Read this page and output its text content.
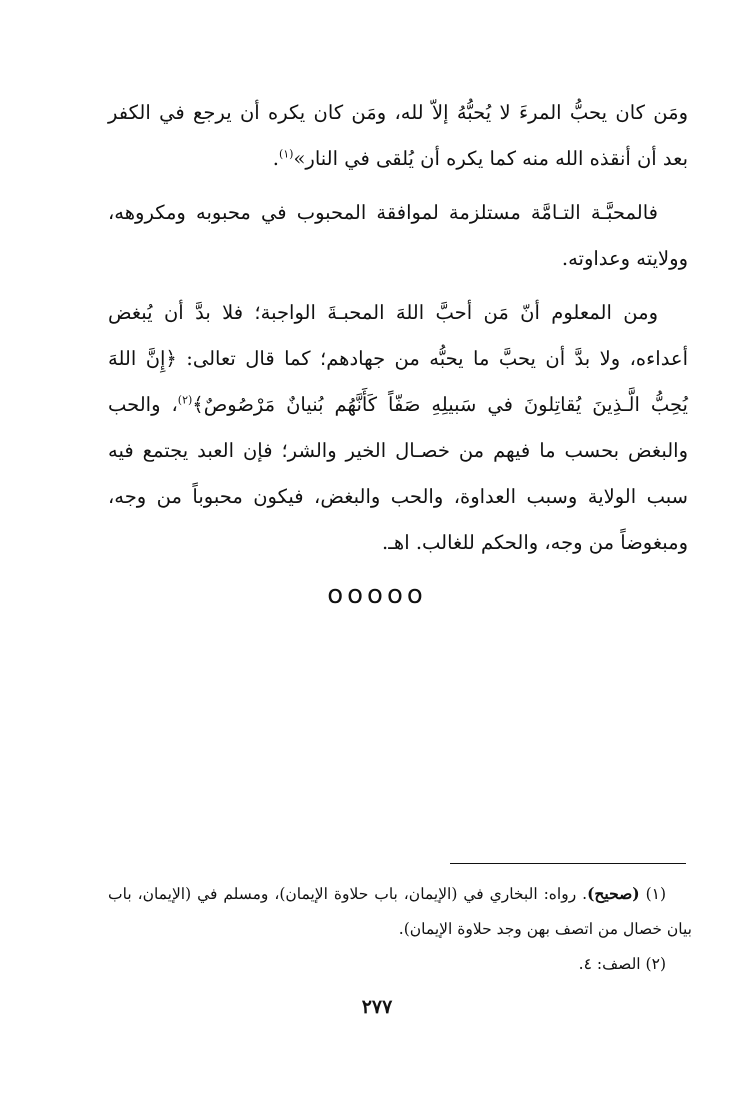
ومَن كان يحبُّ المرءَ لا يُحبُّهُ إلاّ لله، ومَن كان يكره أن يرجع في الكفر بعد أن أنقذه الله منه كما يكره أن يُلقى في النار»$^{(١)}$.

فالمحبَّـة التـامَّة مستلزمة لموافقة المحبوب في محبوبه ومكروهه، وولايته وعداوته.

ومن المعلوم أنّ مَن أحبَّ اللهَ المحبـةَ الواجبة؛ فلا بدَّ أن يُبغض أعداءه، ولا بدَّ أن يحبَّ ما يحبُّه من جهادهم؛ كما قال تعالى: ﴿إِنَّ اللهَ يُحِبُّ الَّـذِينَ يُقاتِلونَ في سَبيلِهِ صَفّاً كَأَنَّهُم بُنيانٌ مَرْصُوصٌ﴾$^{(٢)}$، والحب والبغض بحسب ما فيهم من خصـال الخير والشر؛ فإن العبد يجتمع فيه سبب الولاية وسبب العداوة، والحب والبغض، فيكون محبوباً من وجه، ومبغوضاً من وجه، والحكم للغالب. اهـ.

ooooo

(١) (صحيح). رواه: البخاري في (الإيمان، باب حلاوة الإيمان)، ومسلم في (الإيمان، باب بيان خصال من اتصف بهن وجد حلاوة الإيمان).

(٢) الصف: ٤.

٢٧٧
